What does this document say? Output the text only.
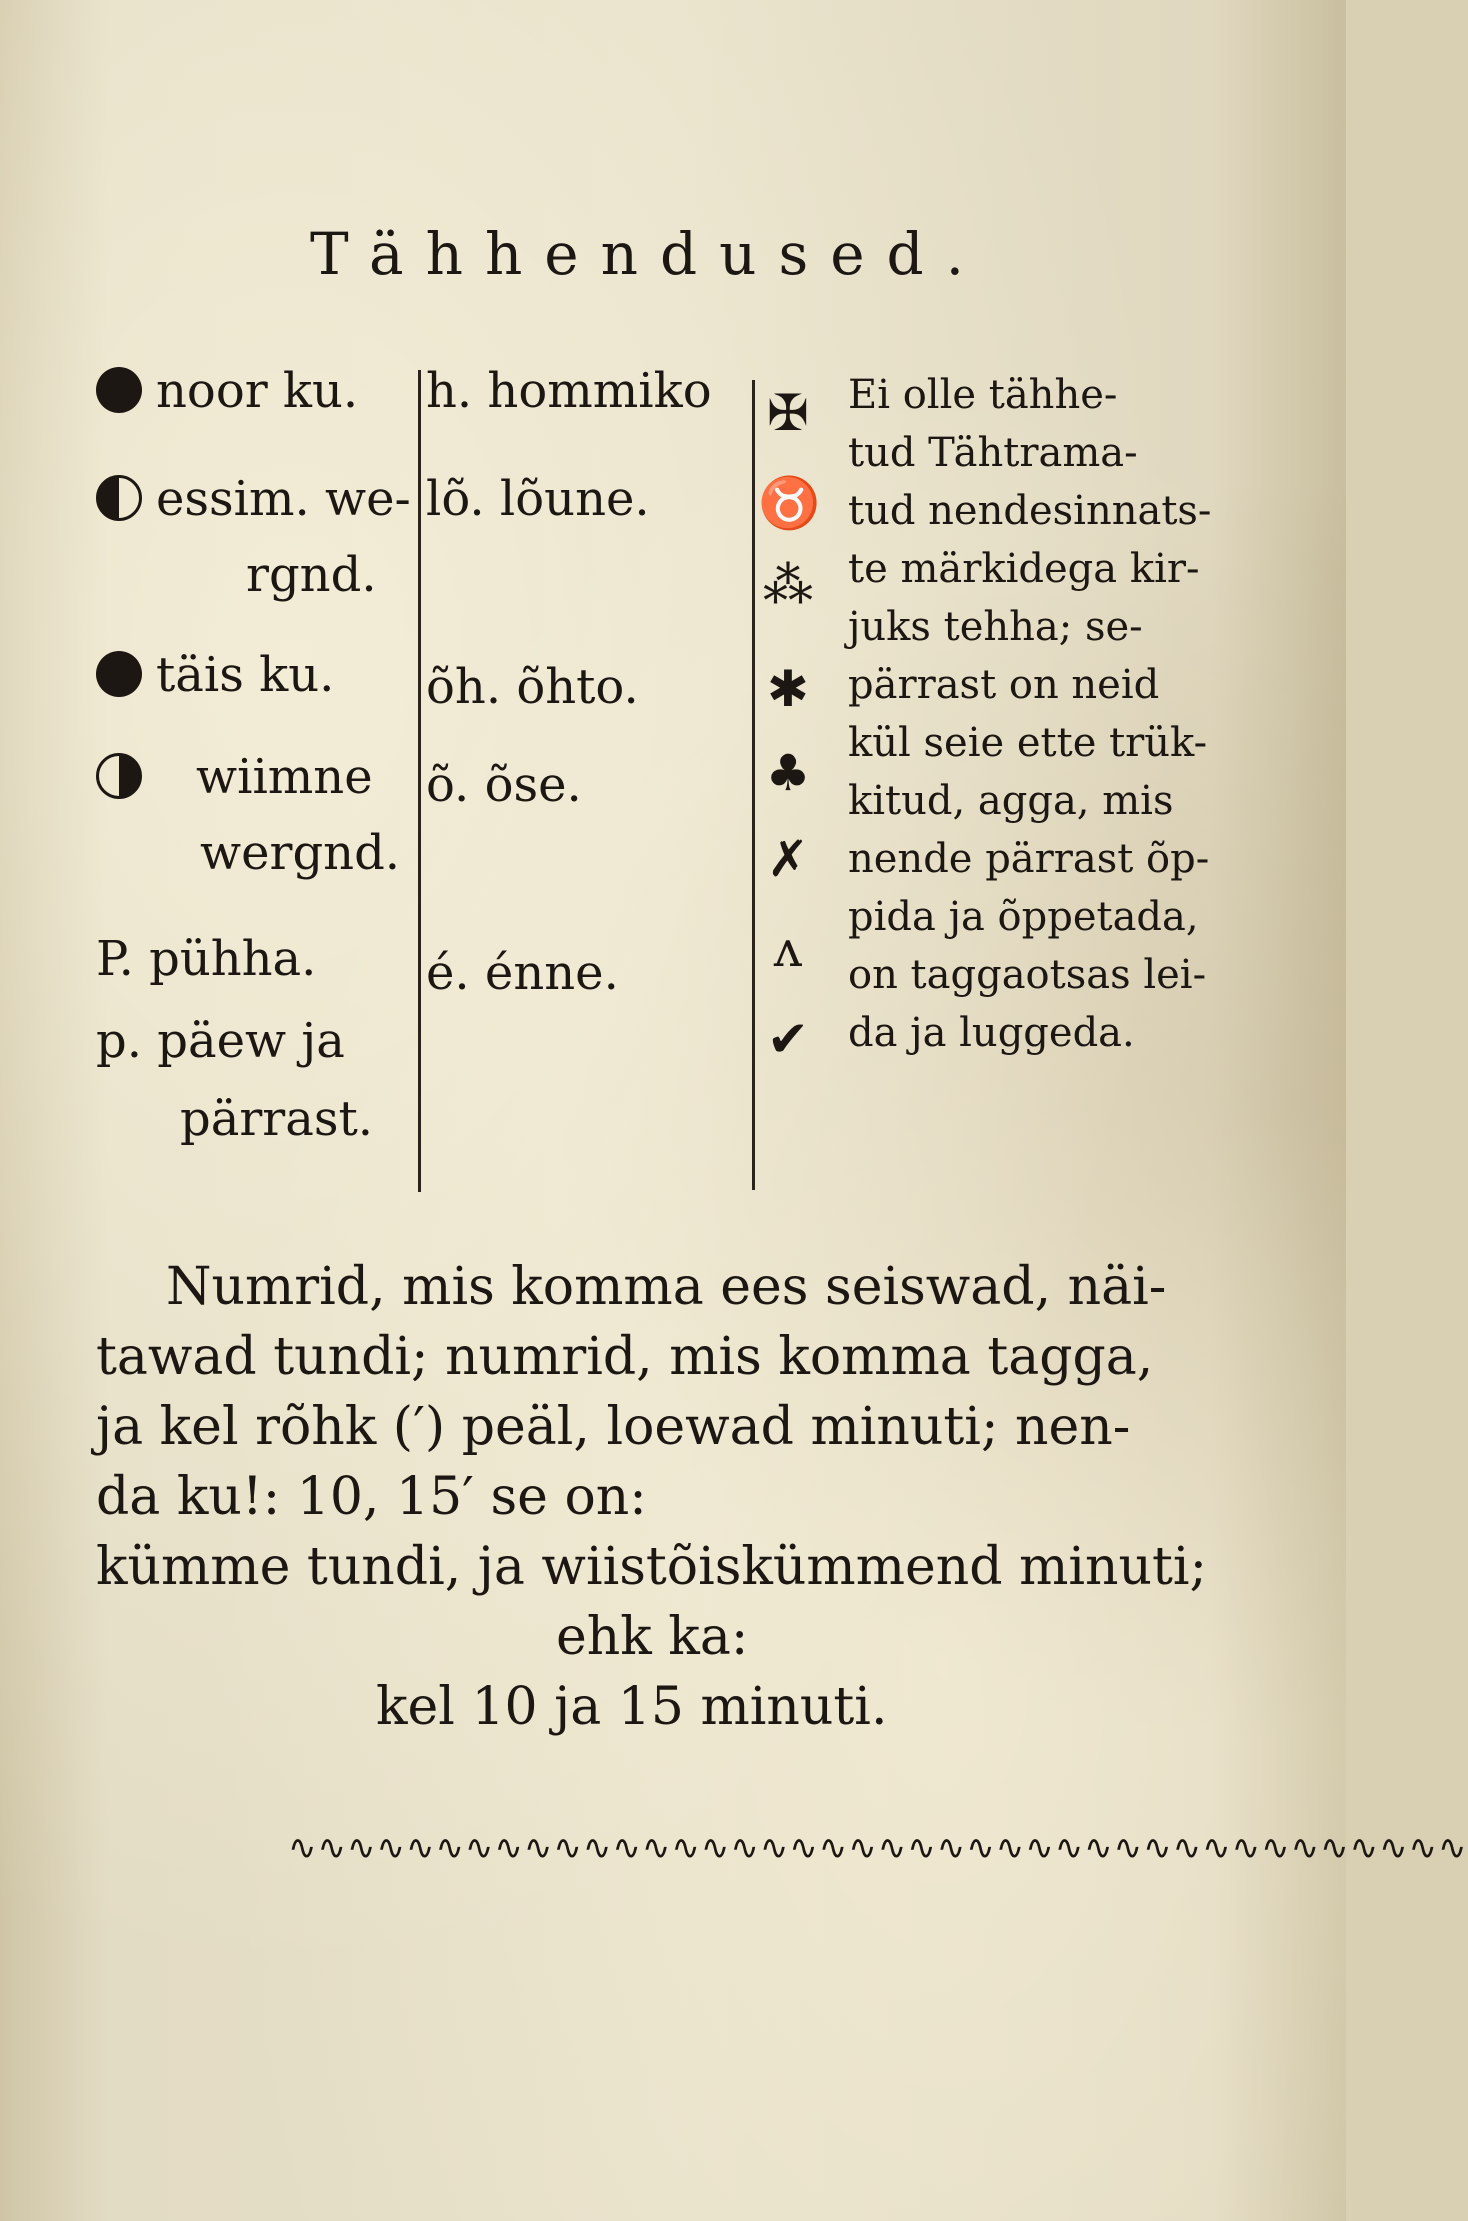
Tähhendused.
noor ku.
essim. we-
rgnd.
täis ku.
wiimne
wergnd.
P. pühha.
p. päew ja
pärrast.
h. hommiko
lõ. lõune.
õh. õhto.
õ. õse.
é. énne.
✠
♉
⁂
✱
♣
✗
ᴧ
✔
Ei olle tähhe-
tud Tähtrama-
tud nendesinnats-
te märkidega kir-
juks tehha; se-
pärrast on neid
kül seie ette trük-
kitud, agga, mis
nende pärrast õp-
pida ja õppetada,
on taggaotsas lei-
da ja luggeda.
Numrid, mis komma ees seiswad, näi-
tawad tundi; numrid, mis komma tagga,
ja kel rõhk (′) peäl, loewad minuti; nen-
da ku!: 10, 15′ se on:
kümme tundi, ja wiistõiskümmend minuti;
ehk ka:
kel 10 ja 15 minuti.
∿∿∿∿∿∿∿∿∿∿∿∿∿∿∿∿∿∿∿∿∿∿∿∿∿∿∿∿∿∿∿∿∿∿∿∿∿∿∿∿
